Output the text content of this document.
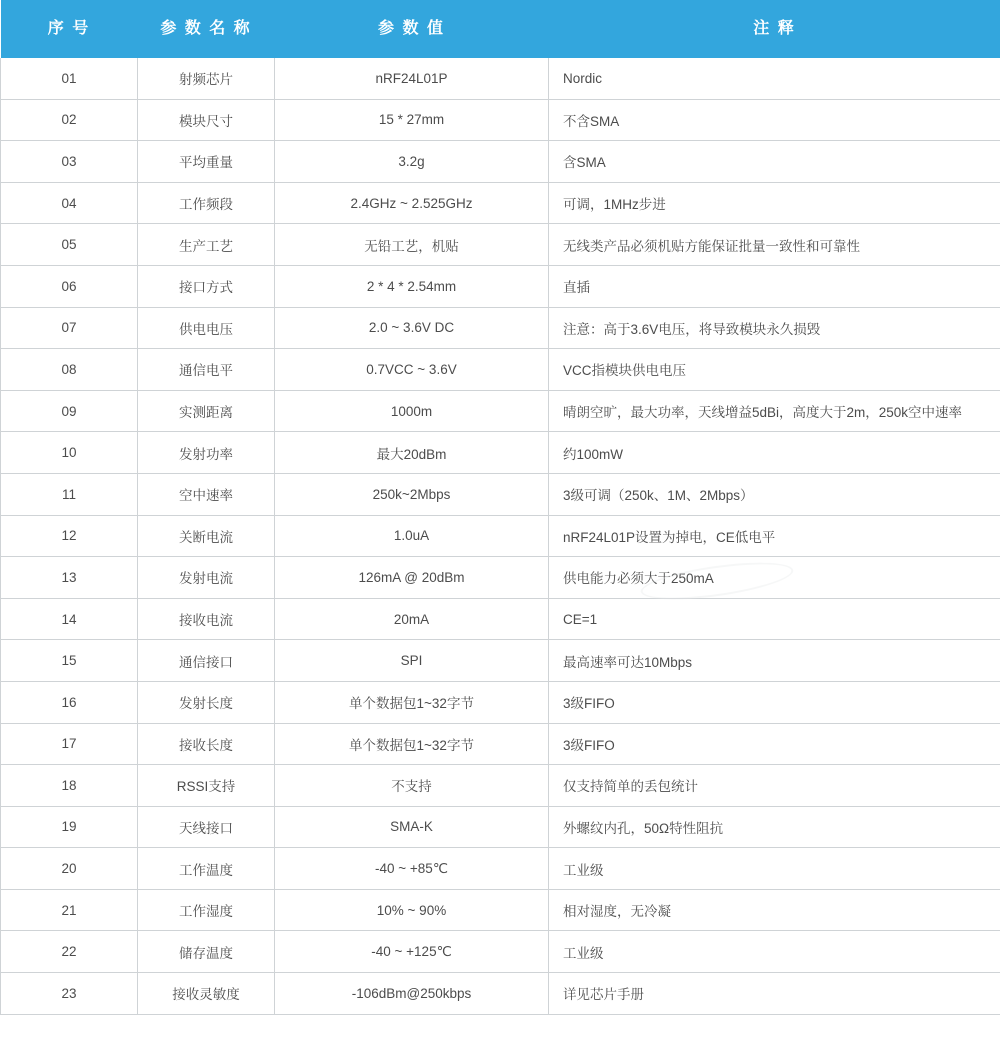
序 号	参 数 名 称	参 数 值	注 释
01	射频芯片	nRF24L01P	Nordic
02	模块尺寸	15 * 27mm	不含SMA
03	平均重量	3.2g	含SMA
04	工作频段	2.4GHz ~ 2.525GHz	可调，1MHz步进
05	生产工艺	无铅工艺，机贴	无线类产品必须机贴方能保证批量一致性和可靠性
06	接口方式	2 * 4 * 2.54mm	直插
07	供电电压	2.0 ~ 3.6V DC	注意：高于3.6V电压，将导致模块永久损毁
08	通信电平	0.7VCC ~ 3.6V	VCC指模块供电电压
09	实测距离	1000m	晴朗空旷，最大功率，天线增益5dBi，高度大于2m，250k空中速率
10	发射功率	最大20dBm	约100mW
11	空中速率	250k~2Mbps	3级可调（250k、1M、2Mbps）
12	关断电流	1.0uA	nRF24L01P设置为掉电，CE低电平
13	发射电流	126mA @ 20dBm	供电能力必须大于250mA
14	接收电流	20mA	CE=1
15	通信接口	SPI	最高速率可达10Mbps
16	发射长度	单个数据包1~32字节	3级FIFO
17	接收长度	单个数据包1~32字节	3级FIFO
18	RSSI支持	不支持	仅支持简单的丢包统计
19	天线接口	SMA-K	外螺纹内孔，50Ω特性阻抗
20	工作温度	-40 ~ +85℃	工业级
21	工作湿度	10% ~ 90%	相对湿度，无冷凝
22	储存温度	-40 ~ +125℃	工业级
23	接收灵敏度	-106dBm@250kbps	详见芯片手册
